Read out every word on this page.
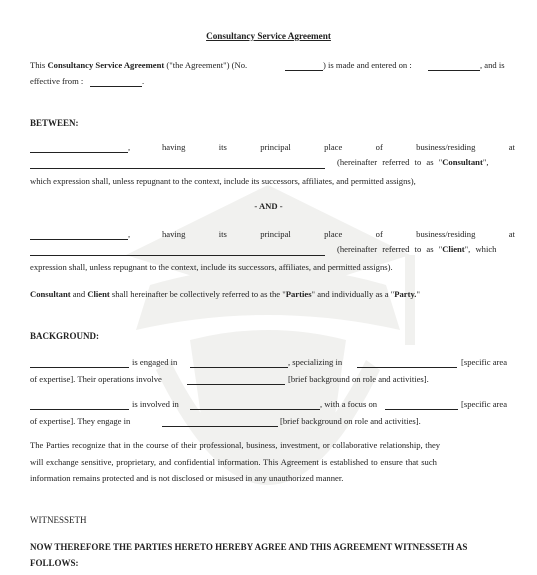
Consultancy Service Agreement
This Consultancy Service Agreement ("the Agreement") (No.	) is made and entered on :	, and is
effective from :	.
BETWEEN:
,	having	its	principal	place	of	business/residing	at
(hereinafter referred to as "Consultant",
which expression shall, unless repugnant to the context, include its successors, affiliates, and permitted assigns),
- AND -
,	having	its	principal	place	of	business/residing	at
(hereinafter referred to as "Client", which
expression shall, unless repugnant to the context, include its successors, affiliates, and permitted assigns).
Consultant and Client shall hereinafter be collectively referred to as the "Parties" and individually as a "Party."
BACKGROUND:
is engaged in	, specializing in	[specific area
of expertise]. Their operations involve	[brief background on role and activities].
is involved in	, with a focus on	[specific area
of expertise]. They engage in	[brief background on role and activities].
The Parties recognize that in the course of their professional, business, investment, or collaborative relationship, they
will exchange sensitive, proprietary, and confidential information. This Agreement is established to ensure that such
information remains protected and is not disclosed or misused in any unauthorized manner.
WITNESSETH
NOW THEREFORE THE PARTIES HERETO HEREBY AGREE AND THIS AGREEMENT WITNESSETH AS
FOLLOWS:
